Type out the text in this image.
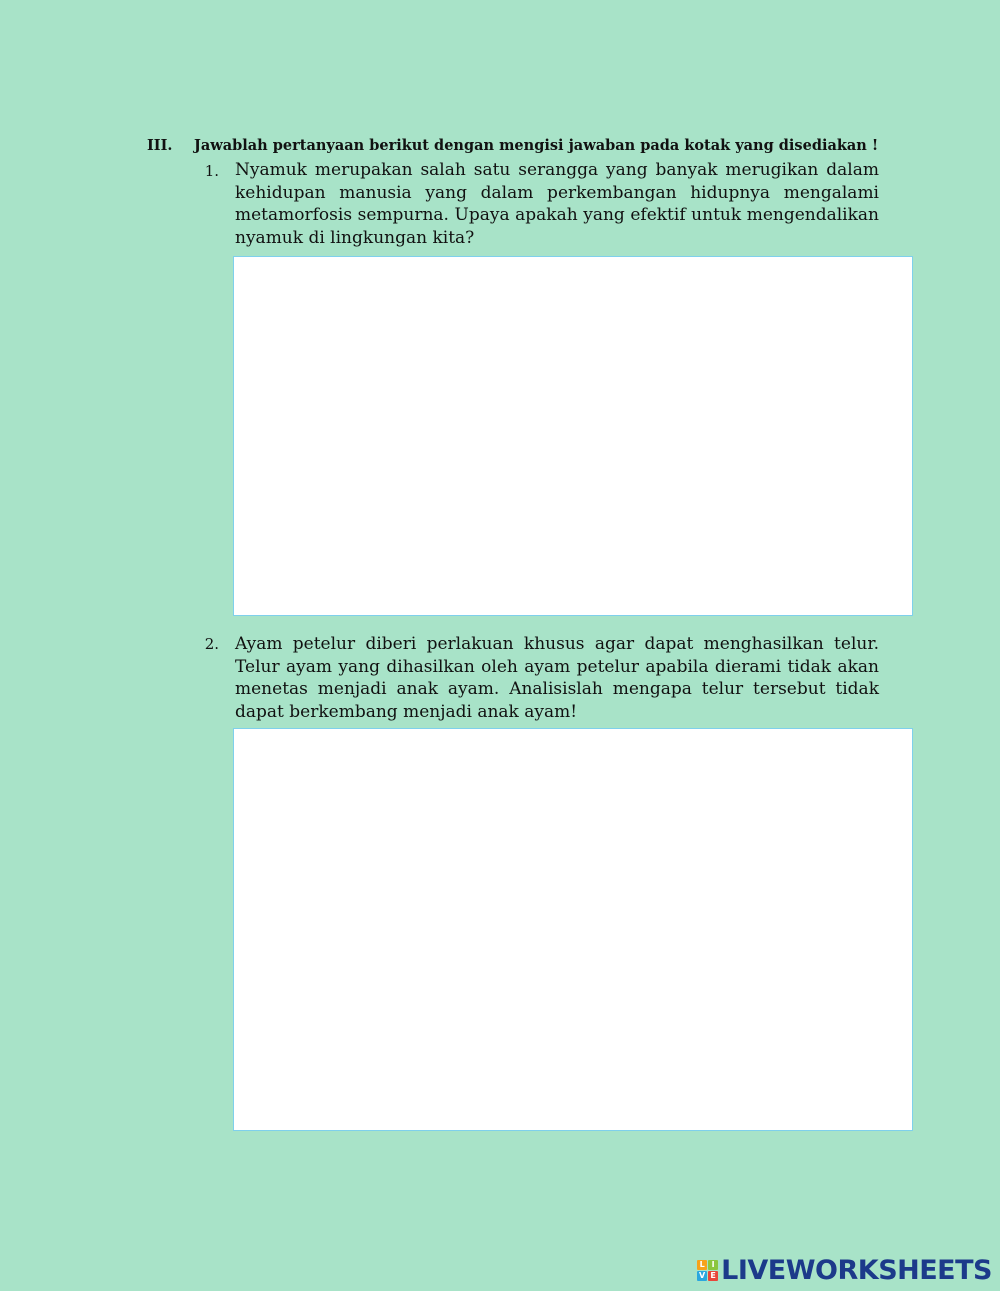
III. Jawablah pertanyaan berikut dengan mengisi jawaban pada kotak yang disediakan !
1. Nyamuk merupakan salah satu serangga yang banyak merugikan dalam kehidupan manusia yang dalam perkembangan hidupnya mengalami metamorfosis sempurna. Upaya apakah yang efektif untuk mengendalikan nyamuk di lingkungan kita?
2. Ayam petelur diberi perlakuan khusus agar dapat menghasilkan telur. Telur ayam yang dihasilkan oleh ayam petelur apabila dierami tidak akan menetas menjadi anak ayam. Analisislah mengapa telur tersebut tidak dapat berkembang menjadi anak ayam!
L I
V E LIVEWORKSHEETS
